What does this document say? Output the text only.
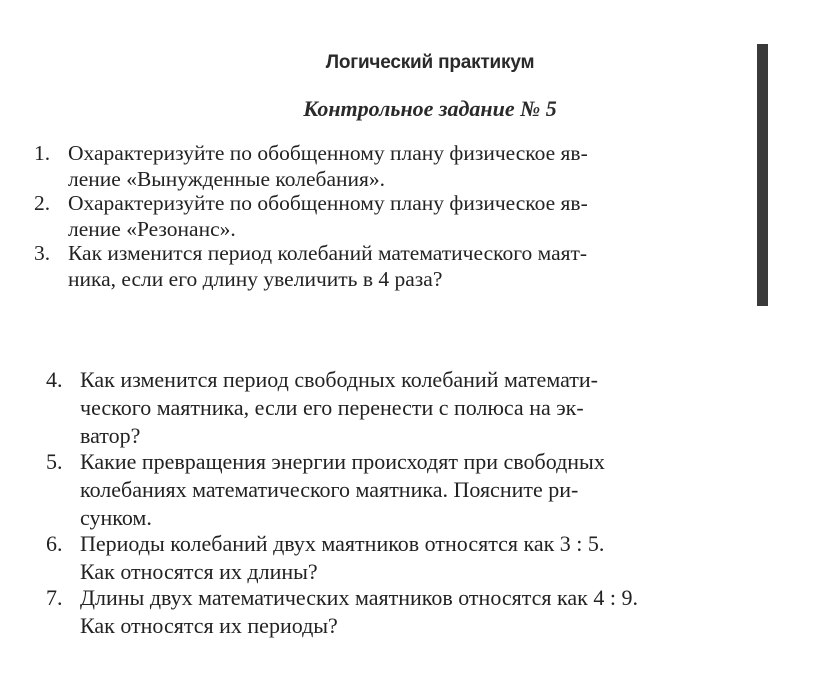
Логический практикум
Контрольное задание № 5
1. Охарактеризуйте по обобщенному плану физическое яв-
ление «Вынужденные колебания».
2. Охарактеризуйте по обобщенному плану физическое яв-
ление «Резонанс».
3. Как изменится период колебаний математического маят-
ника, если его длину увеличить в 4 раза?
4. Как изменится период свободных колебаний математи-
ческого маятника, если его перенести с полюса на эк-
ватор?
5. Какие превращения энергии происходят при свободных
колебаниях математического маятника. Поясните ри-
сунком.
6. Периоды колебаний двух маятников относятся как 3 : 5.
Как относятся их длины?
7. Длины двух математических маятников относятся как 4 : 9.
Как относятся их периоды?
